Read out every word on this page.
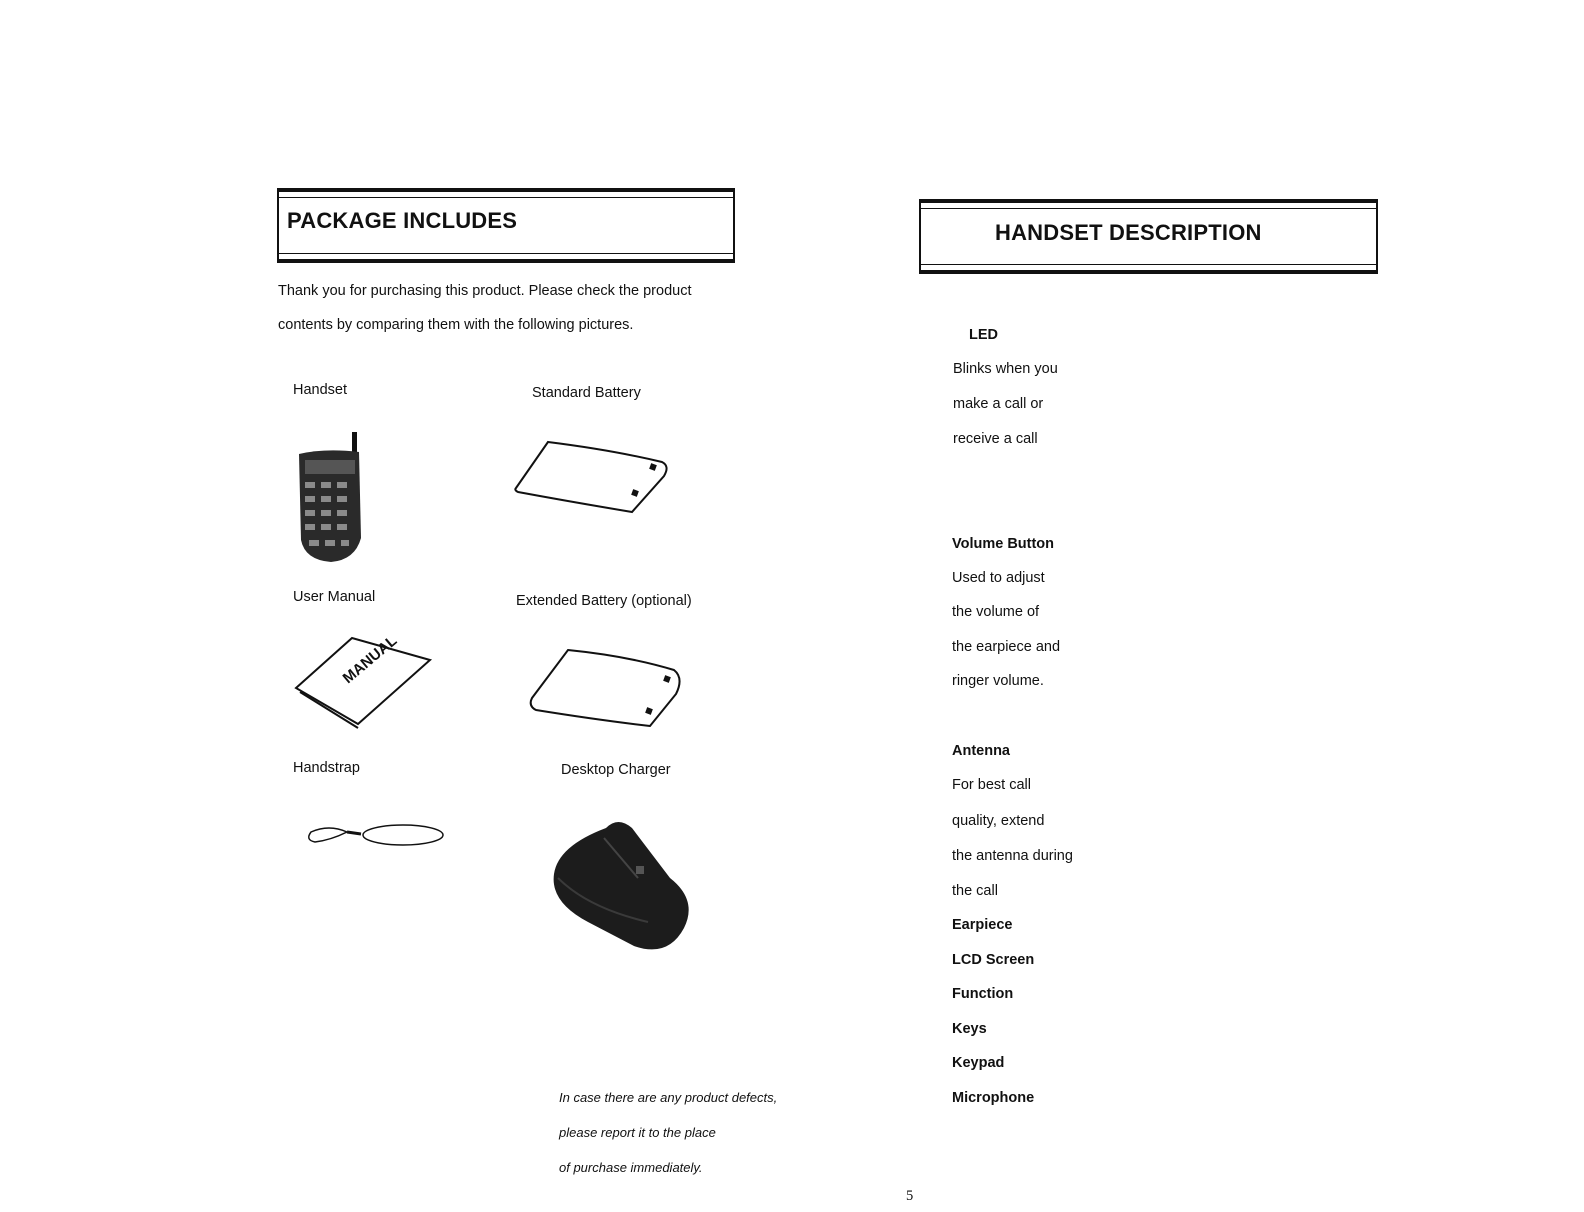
PACKAGE INCLUDES
Thank you for purchasing this product. Please check the product
contents by comparing them with the following pictures.
Handset	Standard Battery
User Manual	Extended Battery (optional)
Handstrap	Desktop Charger
MANUAL
In case there are any product defects,
please report it to the place
of purchase immediately.
HANDSET DESCRIPTION
LED
Blinks when you
make a call or
receive a call
Volume Button
Used to adjust
the volume of
the earpiece and
ringer volume.
Antenna
For best call
quality, extend
the antenna during
the call
Earpiece
LCD Screen
Function
Keys
Keypad
Microphone
5
